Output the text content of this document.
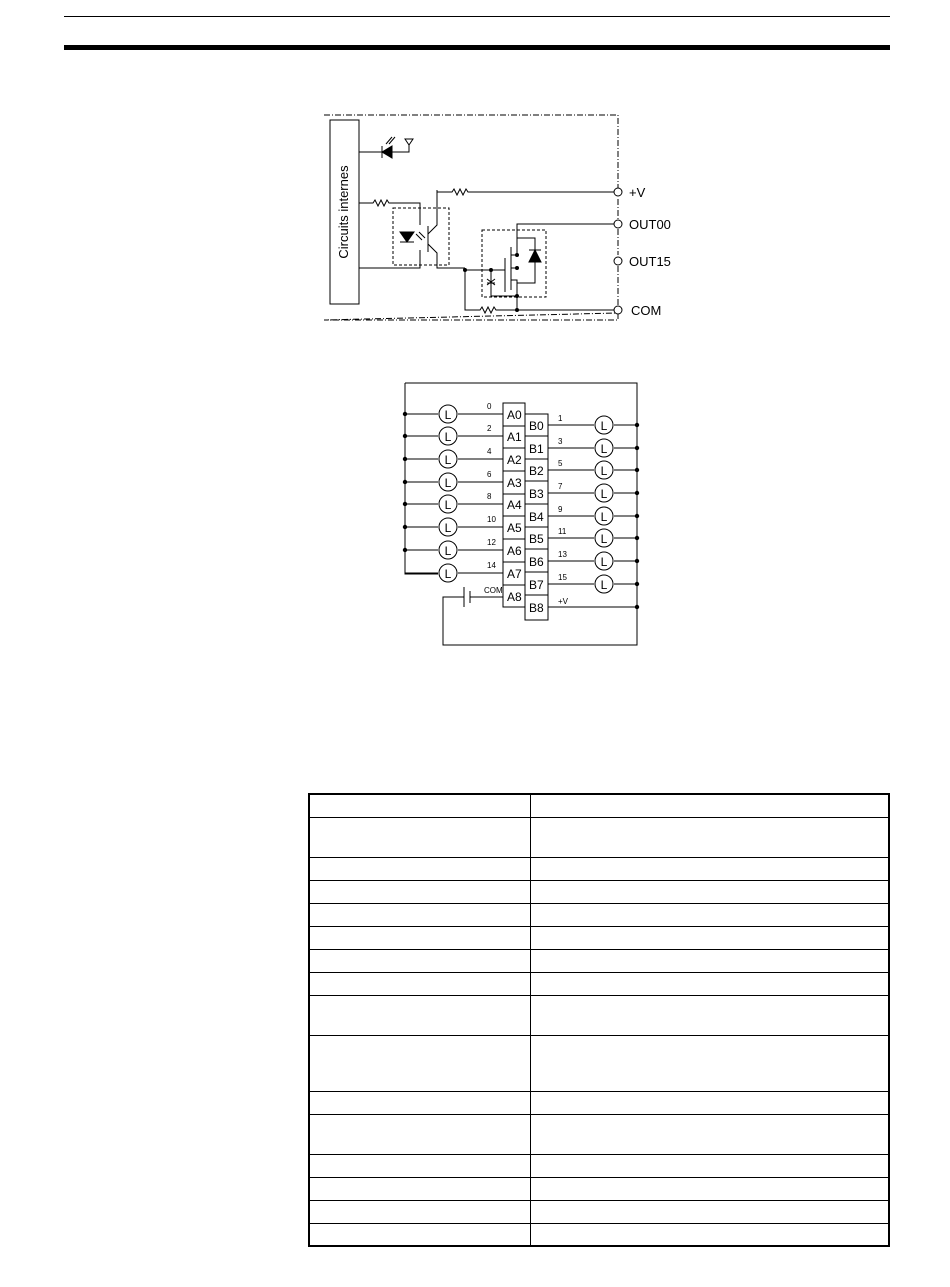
Circuits internes	+V
OUT00
OUT15
COM
L
L
L
L
L
L
L
L
L
L
L
L
L
L
L
L
A0
A1
A2
A3
A4
A5
A6
A7
A8
B0
B1
B2
B3
B4
B5
B6
B7
B8
0
2
4
6
8
10
12
14
1
3
5
7
9
11
13
15
COM
+V
